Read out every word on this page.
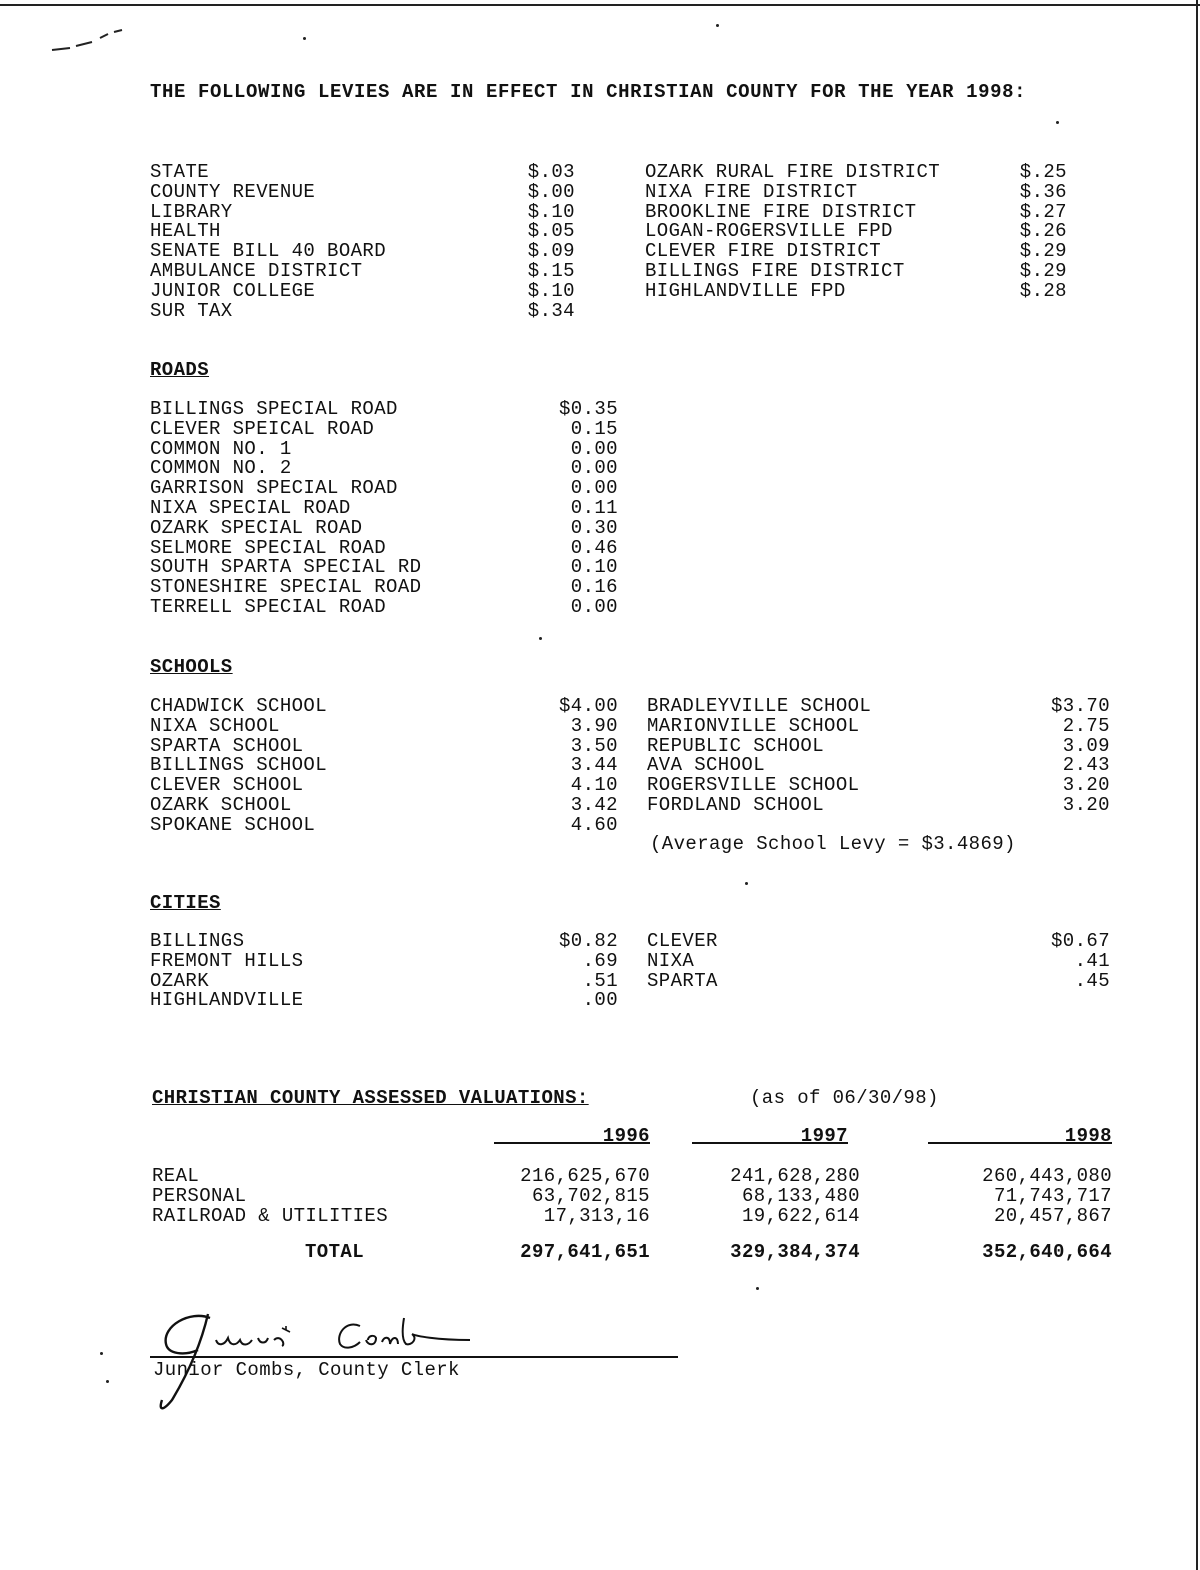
THE FOLLOWING LEVIES ARE IN EFFECT IN CHRISTIAN COUNTY FOR THE YEAR 1998:
STATE	$.03
COUNTY REVENUE	$.00
LIBRARY	$.10
HEALTH	$.05
SENATE BILL 40 BOARD	$.09
AMBULANCE DISTRICT	$.15
JUNIOR COLLEGE	$.10
SUR TAX	$.34
OZARK RURAL FIRE DISTRICT	$.25
NIXA FIRE DISTRICT	$.36
BROOKLINE FIRE DISTRICT	$.27
LOGAN-ROGERSVILLE FPD	$.26
CLEVER FIRE DISTRICT	$.29
BILLINGS FIRE DISTRICT	$.29
HIGHLANDVILLE FPD	$.28
ROADS
BILLINGS SPECIAL ROAD	$0.35
CLEVER SPEICAL ROAD	0.15
COMMON NO. 1	0.00
COMMON NO. 2	0.00
GARRISON SPECIAL ROAD	0.00
NIXA SPECIAL ROAD	0.11
OZARK SPECIAL ROAD	0.30
SELMORE SPECIAL ROAD	0.46
SOUTH SPARTA SPECIAL RD	0.10
STONESHIRE SPECIAL ROAD	0.16
TERRELL SPECIAL ROAD	0.00
SCHOOLS
CHADWICK SCHOOL	$4.00
NIXA SCHOOL	3.90
SPARTA SCHOOL	3.50
BILLINGS SCHOOL	3.44
CLEVER SCHOOL	4.10
OZARK SCHOOL	3.42
SPOKANE SCHOOL	4.60
BRADLEYVILLE SCHOOL	$3.70
MARIONVILLE SCHOOL	2.75
REPUBLIC SCHOOL	3.09
AVA SCHOOL	2.43
ROGERSVILLE SCHOOL	3.20
FORDLAND SCHOOL	3.20
(Average School Levy = $3.4869)
CITIES
BILLINGS	$0.82
FREMONT HILLS	.69
OZARK	.51
HIGHLANDVILLE	.00
CLEVER	$0.67
NIXA	.41
SPARTA	.45
CHRISTIAN COUNTY ASSESSED VALUATIONS:	(as of 06/30/98)
1996	1997	1998
REAL	216,625,670	241,628,280	260,443,080
PERSONAL	63,702,815	68,133,480	71,743,717
RAILROAD & UTILITIES	17,313,16	19,622,614	20,457,867
TOTAL	297,641,651	329,384,374	352,640,664
Junior Combs, County Clerk
